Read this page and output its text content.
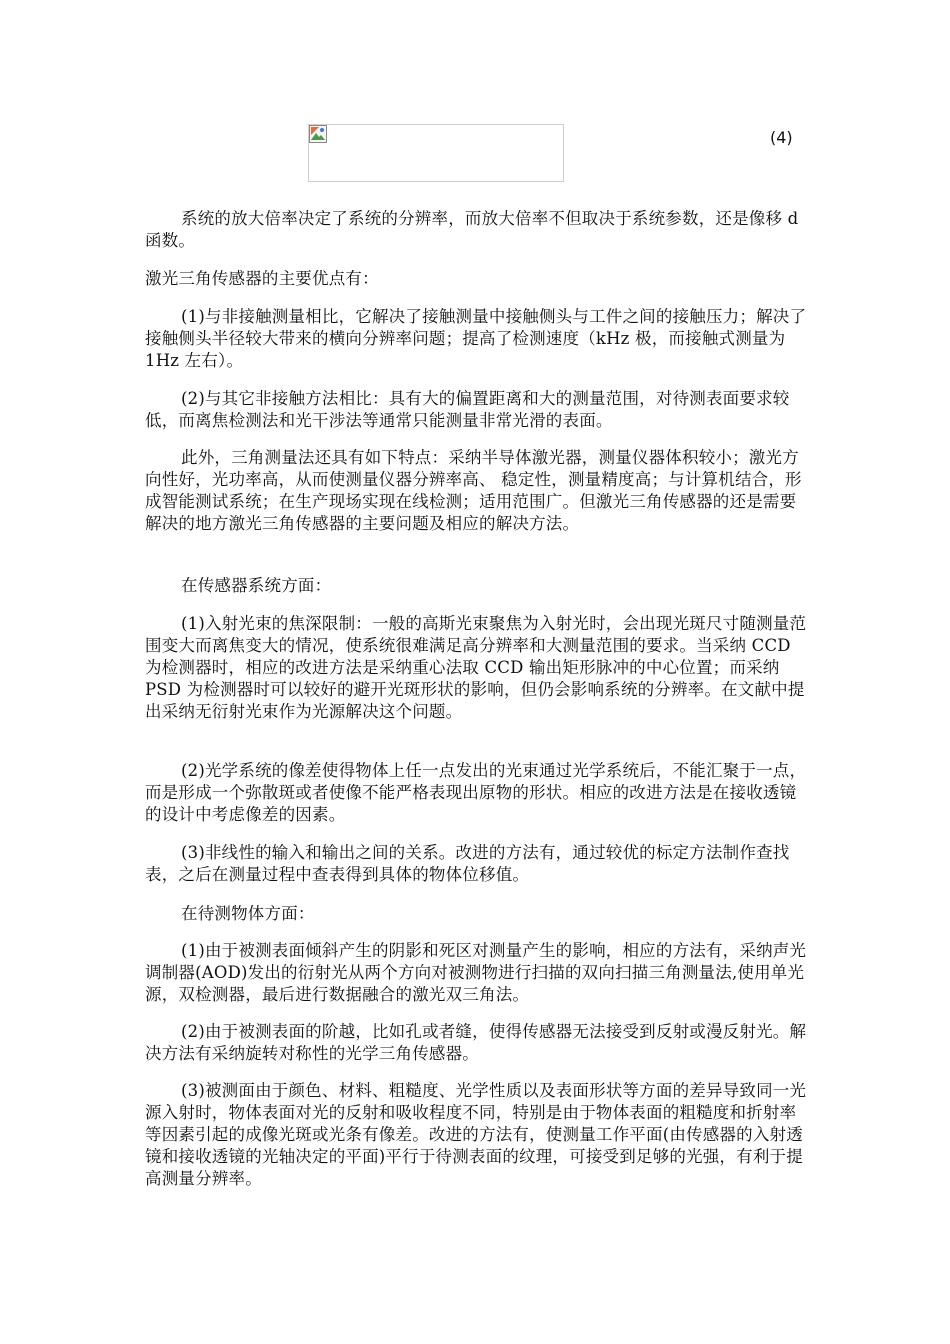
(4)

系统的放大倍率决定了系统的分辨率，而放大倍率不但取决于系统参数，还是像移 d 函数。

激光三角传感器的主要优点有：

(1)与非接触测量相比，它解决了接触测量中接触侧头与工件之间的接触压力；解决了接触侧头半径较大带来的横向分辨率问题；提高了检测速度（kHz 极，而接触式测量为 1Hz 左右）。

(2)与其它非接触方法相比：具有大的偏置距离和大的测量范围，对待测表面要求较低，而离焦检测法和光干涉法等通常只能测量非常光滑的表面。

此外，三角测量法还具有如下特点：采纳半导体激光器，测量仪器体积较小；激光方向性好，光功率高，从而使测量仪器分辨率高、 稳定性，测量精度高；与计算机结合，形成智能测试系统；在生产现场实现在线检测；适用范围广。但激光三角传感器的还是需要解决的地方激光三角传感器的主要问题及相应的解决方法。

在传感器系统方面：

(1)入射光束的焦深限制：一般的高斯光束聚焦为入射光时，会出现光斑尺寸随测量范围变大而离焦变大的情况，使系统很难满足高分辨率和大测量范围的要求。当采纳 CCD 为检测器时，相应的改进方法是采纳重心法取 CCD 输出矩形脉冲的中心位置；而采纳 PSD 为检测器时可以较好的避开光斑形状的影响，但仍会影响系统的分辨率。在文献中提出采纳无衍射光束作为光源解决这个问题。

(2)光学系统的像差使得物体上任一点发出的光束通过光学系统后，不能汇聚于一点，而是形成一个弥散斑或者使像不能严格表现出原物的形状。相应的改进方法是在接收透镜的设计中考虑像差的因素。

(3)非线性的输入和输出之间的关系。改进的方法有，通过较优的标定方法制作查找表，之后在测量过程中查表得到具体的物体位移值。

在待测物体方面：

(1)由于被测表面倾斜产生的阴影和死区对测量产生的影响，相应的方法有，采纳声光调制器(AOD)发出的衍射光从两个方向对被测物进行扫描的双向扫描三角测量法,使用单光源，双检测器，最后进行数据融合的激光双三角法。

(2)由于被测表面的阶越，比如孔或者缝，使得传感器无法接受到反射或漫反射光。解决方法有采纳旋转对称性的光学三角传感器。

(3)被测面由于颜色、材料、粗糙度、光学性质以及表面形状等方面的差异导致同一光源入射时，物体表面对光的反射和吸收程度不同，特别是由于物体表面的粗糙度和折射率等因素引起的成像光斑或光条有像差。改进的方法有，使测量工作平面(由传感器的入射透镜和接收透镜的光轴决定的平面)平行于待测表面的纹理，可接受到足够的光强，有利于提高测量分辨率。
